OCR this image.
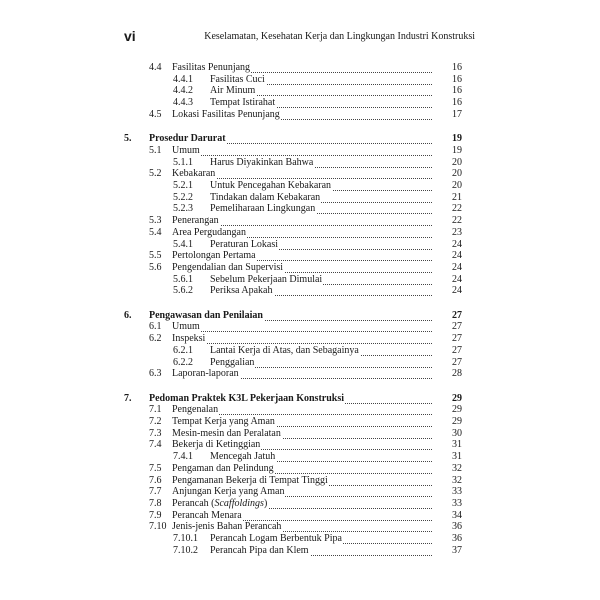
vi	Keselamatan, Kesehatan Kerja dan Lingkungan Industri Konstruksi
4.4 Fasilitas Penunjang	16
4.4.1 Fasilitas Cuci	16
4.4.2 Air Minum	16
4.4.3 Tempat Istirahat	16
4.5 Lokasi Fasilitas Penunjang	17
5. Prosedur Darurat	19
5.1 Umum	19
5.1.1 Harus Diyakinkan Bahwa	20
5.2 Kebakaran	20
5.2.1 Untuk Pencegahan Kebakaran	20
5.2.2 Tindakan dalam Kebakaran	21
5.2.3 Pemeliharaan Lingkungan	22
5.3 Penerangan	22
5.4 Area Pergudangan	23
5.4.1 Peraturan Lokasi	24
5.5 Pertolongan Pertama	24
5.6 Pengendalian dan Supervisi	24
5.6.1 Sebelum Pekerjaan Dimulai	24
5.6.2 Periksa Apakah	24
6. Pengawasan dan Penilaian	27
6.1 Umum	27
6.2 Inspeksi	27
6.2.1 Lantai Kerja di Atas, dan Sebagainya	27
6.2.2 Penggalian	27
6.3 Laporan-laporan	28
7. Pedoman Praktek K3L Pekerjaan Konstruksi	29
7.1 Pengenalan	29
7.2 Tempat Kerja yang Aman	29
7.3 Mesin-mesin dan Peralatan	30
7.4 Bekerja di Ketinggian	31
7.4.1 Mencegah Jatuh	31
7.5 Pengaman dan Pelindung	32
7.6 Pengamanan Bekerja di Tempat Tinggi	32
7.7 Anjungan Kerja yang Aman	33
7.8 Perancah (Scaffoldings)	33
7.9 Perancah Menara	34
7.10 Jenis-jenis Bahan Perancah	36
7.10.1 Perancah Logam Berbentuk Pipa	36
7.10.2 Perancah Pipa dan Klem	37
